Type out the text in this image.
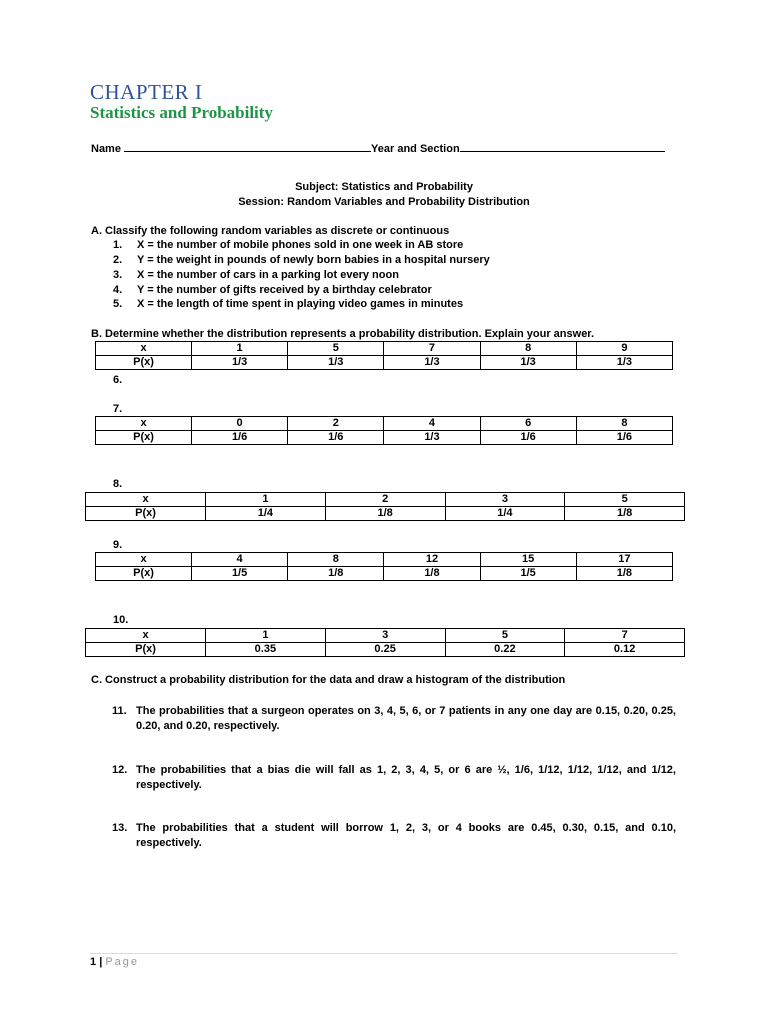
CHAPTER I
Statistics and Probability
Name	Year and Section
Subject: Statistics and Probability
Session: Random Variables and Probability Distribution
A. Classify the following random variables as discrete or continuous
1. X = the number of mobile phones sold in one week in AB store
2. Y = the weight in pounds of newly born babies in a hospital nursery
3. X = the number of cars in a parking lot every noon
4. Y = the number of gifts received by a birthday celebrator
5. X = the length of time spent in playing video games in minutes
B. Determine whether the distribution represents a probability distribution. Explain your answer.
x	1	5	7	8	9
P(x)	1/3	1/3	1/3	1/3	1/3
6.
7.
x	0	2	4	6	8
P(x)	1/6	1/6	1/3	1/6	1/6
8.
x	1	2	3	5
P(x)	1/4	1/8	1/4	1/8
9.
x	4	8	12	15	17
P(x)	1/5	1/8	1/8	1/5	1/8
10.
x	1	3	5	7
P(x)	0.35	0.25	0.22	0.12
C. Construct a probability distribution for the data and draw a histogram of the distribution
11. The probabilities that a surgeon operates on 3, 4, 5, 6, or 7 patients in any one day are 0.15, 0.20, 0.25, 0.20, and 0.20, respectively.
12. The probabilities that a bias die will fall as 1, 2, 3, 4, 5, or 6 are ½, 1/6, 1/12, 1/12, 1/12, and 1/12, respectively.
13. The probabilities that a student will borrow 1, 2, 3, or 4 books are 0.45, 0.30, 0.15, and 0.10, respectively.
1 | Page
